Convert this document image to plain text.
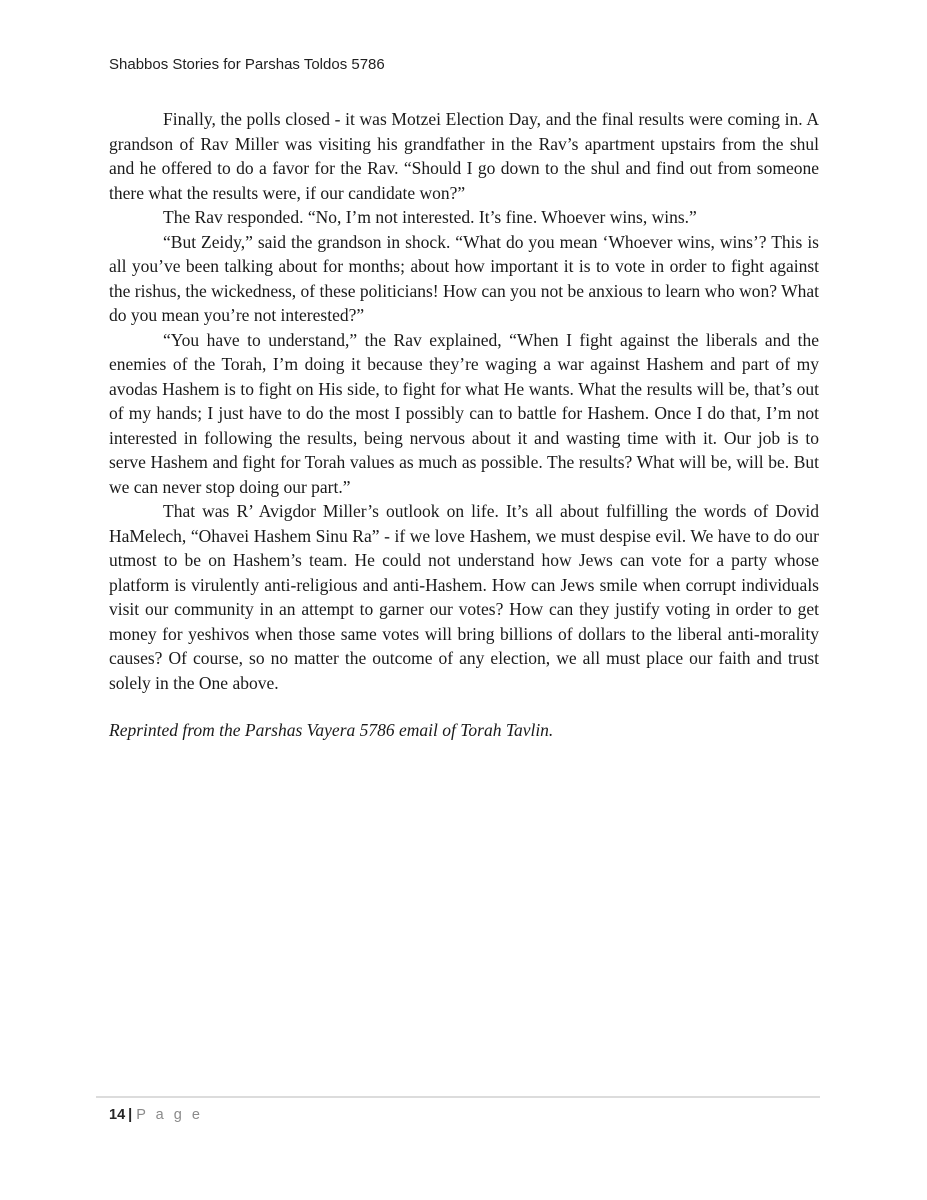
Shabbos Stories for Parshas Toldos 5786

Finally, the polls closed - it was Motzei Election Day, and the final results were coming in. A grandson of Rav Miller was visiting his grandfather in the Rav’s apartment upstairs from the shul and he offered to do a favor for the Rav. “Should I go down to the shul and find out from someone there what the results were, if our candidate won?”

The Rav responded. “No, I’m not interested. It’s fine. Whoever wins, wins.”

“But Zeidy,” said the grandson in shock. “What do you mean ‘Whoever wins, wins’? This is all you’ve been talking about for months; about how important it is to vote in order to fight against the rishus, the wickedness, of these politicians! How can you not be anxious to learn who won? What do you mean you’re not interested?”

“You have to understand,” the Rav explained, “When I fight against the liberals and the enemies of the Torah, I’m doing it because they’re waging a war against Hashem and part of my avodas Hashem is to fight on His side, to fight for what He wants. What the results will be, that’s out of my hands; I just have to do the most I possibly can to battle for Hashem. Once I do that, I’m not interested in following the results, being nervous about it and wasting time with it. Our job is to serve Hashem and fight for Torah values as much as possible. The results? What will be, will be. But we can never stop doing our part.”

That was R’ Avigdor Miller’s outlook on life. It’s all about fulfilling the words of Dovid HaMelech, “Ohavei Hashem Sinu Ra” - if we love Hashem, we must despise evil. We have to do our utmost to be on Hashem’s team. He could not understand how Jews can vote for a party whose platform is virulently anti-religious and anti-Hashem. How can Jews smile when corrupt individuals visit our community in an attempt to garner our votes? How can they justify voting in order to get money for yeshivos when those same votes will bring billions of dollars to the liberal anti-morality causes? Of course, so no matter the outcome of any election, we all must place our faith and trust solely in the One above.

Reprinted from the Parshas Vayera 5786 email of Torah Tavlin.

14 | P a g e
